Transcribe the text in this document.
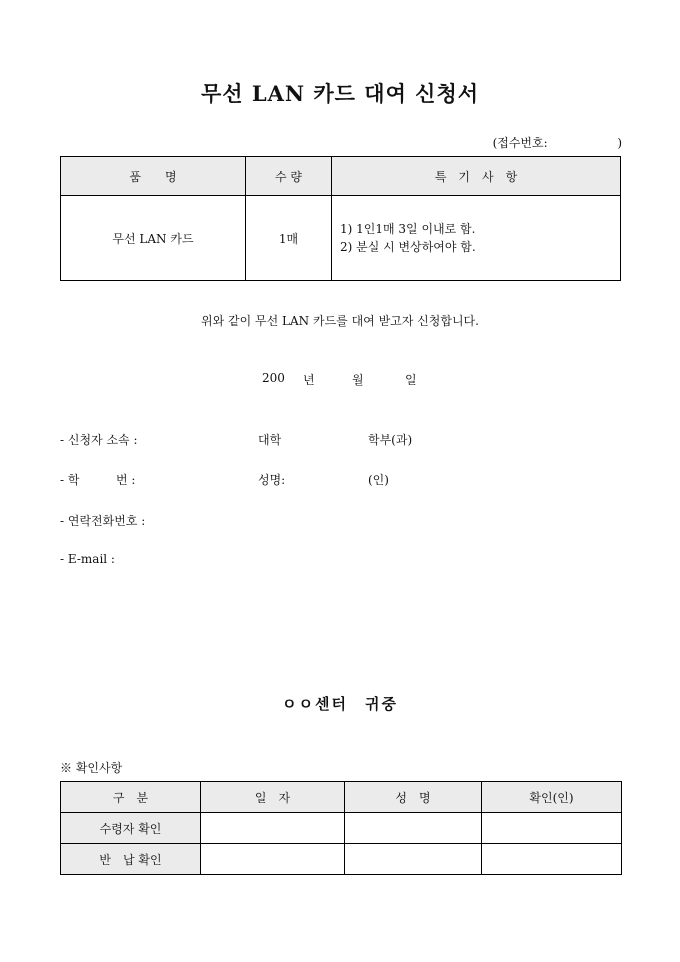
무선 LAN 카드 대여 신청서
(접수번호:	)
품　　명	수 량	특　기　사　항
무선 LAN 카드	1매	1) 1인1매 3일 이내로 함.
2) 분실 시 변상하여야 함.
위와 같이 무선 LAN 카드를 대여 받고자 신청합니다.
200 년	월	일
- 신청자 소속 :	대학	학부(과)
- 학	번 :	성명:	(인)
- 연락전화번호 :
- E-mail :
ㅇㅇ센터　귀중
※ 확인사항
구　분	일　자	성　명	확인(인)
수령자 확인			
반　납 확인			
